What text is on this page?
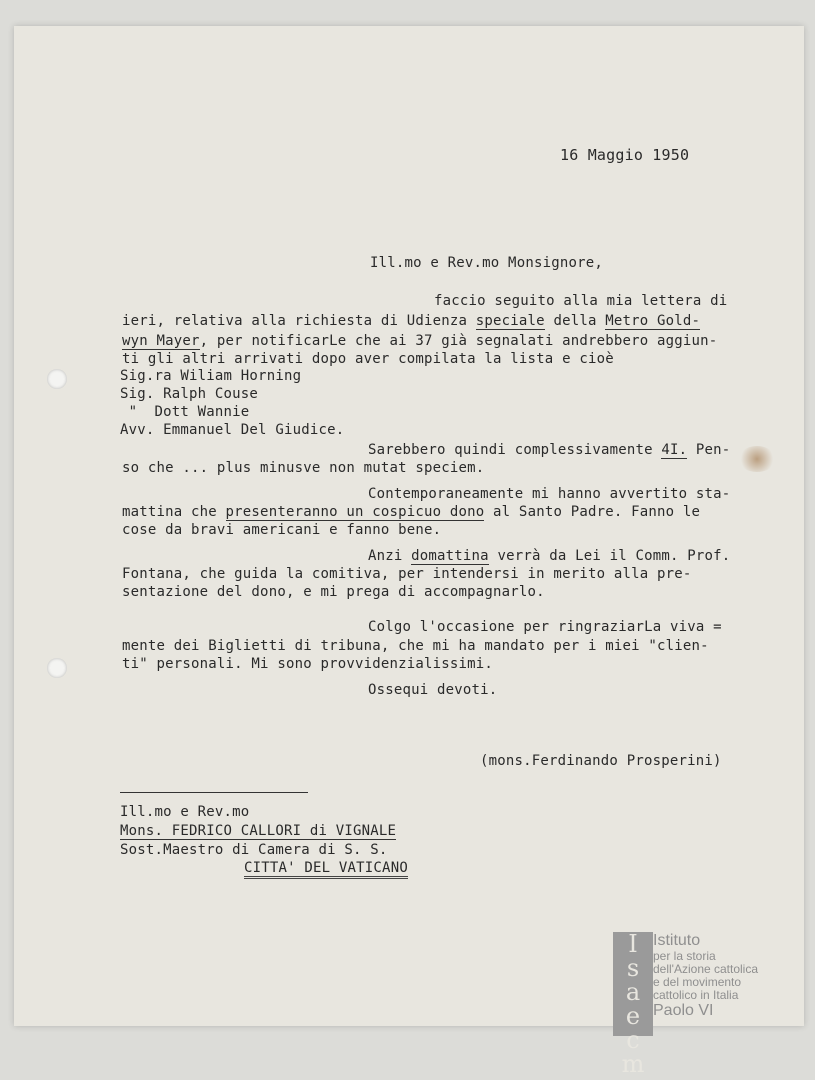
16 Maggio 1950
Ill.mo e Rev.mo Monsignore,
faccio seguito alla mia lettera di
ieri, relativa alla richiesta di Udienza speciale della Metro Gold-
wyn Mayer, per notificarLe che ai 37 già segnalati andrebbero aggiun-
ti gli altri arrivati dopo aver compilata la lista e cioè
Sig.ra Wiliam Horning
Sig. Ralph Couse
"  Dott Wannie
Avv. Emmanuel Del Giudice.
Sarebbero quindi complessivamente 4I. Pen-
so che ... plus minusve non mutat speciem.
Contemporaneamente mi hanno avvertito sta-
mattina che presenteranno un cospicuo dono al Santo Padre. Fanno le
cose da bravi americani e fanno bene.
Anzi domattina verrà da Lei il Comm. Prof.
Fontana, che guida la comitiva, per intendersi in merito alla pre-
sentazione del dono, e mi prega di accompagnarlo.
Colgo l'occasione per ringraziarLa viva =
mente dei Biglietti di tribuna, che mi ha mandato per i miei "clien-
ti" personali. Mi sono provvidenzialissimi.
Ossequi devoti.
(mons.Ferdinando Prosperini)
Ill.mo e Rev.mo
Mons. FEDRICO CALLORI di VIGNALE
Sost.Maestro di Camera di S. S.
CITTA' DEL VATICANO
I
s
a
e
c
m
Istituto
per la storia
dell'Azione cattolica
e del movimento
cattolico in Italia
Paolo VI
